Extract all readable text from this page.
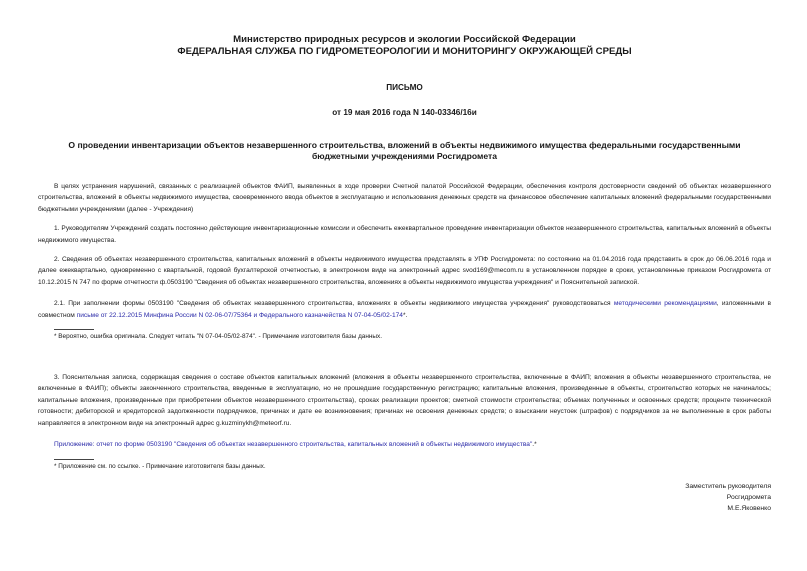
Министерство природных ресурсов и экологии Российской Федерации
ФЕДЕРАЛЬНАЯ СЛУЖБА ПО ГИДРОМЕТЕОРОЛОГИИ И МОНИТОРИНГУ ОКРУЖАЮЩЕЙ СРЕДЫ
ПИСЬМО
от 19 мая 2016 года N 140-03346/16и
О проведении инвентаризации объектов незавершенного строительства, вложений в объекты недвижимого имущества федеральными государственными бюджетными учреждениями Росгидромета

В целях устранения нарушений, связанных с реализацией объектов ФАИП, выявленных в ходе проверки Счетной палатой Российской Федерации, обеспечения контроля достоверности сведений об объектах незавершенного строительства, вложений в объекты недвижимого имущества, своевременного ввода объектов в эксплуатацию и использования денежных средств на финансовое обеспечение капитальных вложений федеральными государственными бюджетными учреждениями (далее - Учреждения)

1. Руководителям Учреждений создать постоянно действующие инвентаризационные комиссии и обеспечить ежеквартальное проведение инвентаризации объектов незавершенного строительства, капитальных вложений в объекты недвижимого имущества.

2. Сведения об объектах незавершенного строительства, капитальных вложений в объекты недвижимого имущества представлять в УПФ Росгидромета: по состоянию на 01.04.2016 года представить в срок до 06.06.2016 года и далее ежеквартально, одновременно с квартальной, годовой бухгалтерской отчетностью, в электронном виде на электронный адрес svod169@mecom.ru в установленном порядке в сроки, установленные приказом Росгидромета от 10.12.2015 N 747 по форме отчетности ф.0503190 "Сведения об объектах незавершенного строительства, вложениях в объекты недвижимого имущества учреждения" и Пояснительной запиской.

2.1. При заполнении формы 0503190 "Сведения об объектах незавершенного строительства, вложениях в объекты недвижимого имущества учреждения" руководствоваться методическими рекомендациями, изложенными в совместном письме от 22.12.2015 Минфина России N 02-06-07/75364 и Федерального казначейства N 07-04-05/02-174*.

* Вероятно, ошибка оригинала. Следует читать "N 07-04-05/02-874". - Примечание изготовителя базы данных.

3. Пояснительная записка, содержащая сведения о составе объектов капитальных вложений (вложения в объекты незавершенного строительства, включенные в ФАИП; вложения в объекты незавершенного строительства, не включенные в ФАИП); объекты законченного строительства, введенные в эксплуатацию, но не прошедшие государственную регистрацию; капитальные вложения, произведенные в объекты, строительство которых не начиналось; капитальные вложения, произведенные при приобретении объектов незавершенного строительства), сроках реализации проектов; сметной стоимости строительства; объемах полученных и освоенных средств; проценте технической готовности; дебиторской и кредиторской задолженности подрядчиков, причинах и дате ее возникновения; причинах не освоения денежных средств; о взыскании неустоек (штрафов) с подрядчиков за не выполненные в срок работы направляется в электронном виде на электронный адрес g.kuzminykh@meteorf.ru.

Приложение: отчет по форме 0503190 "Сведения об объектах незавершенного строительства, капитальных вложений в объекты недвижимого имущества".*

* Приложение см. по ссылке. - Примечание изготовителя базы данных.
Заместитель руководителя
Росгидромета
М.Е.Яковенко
